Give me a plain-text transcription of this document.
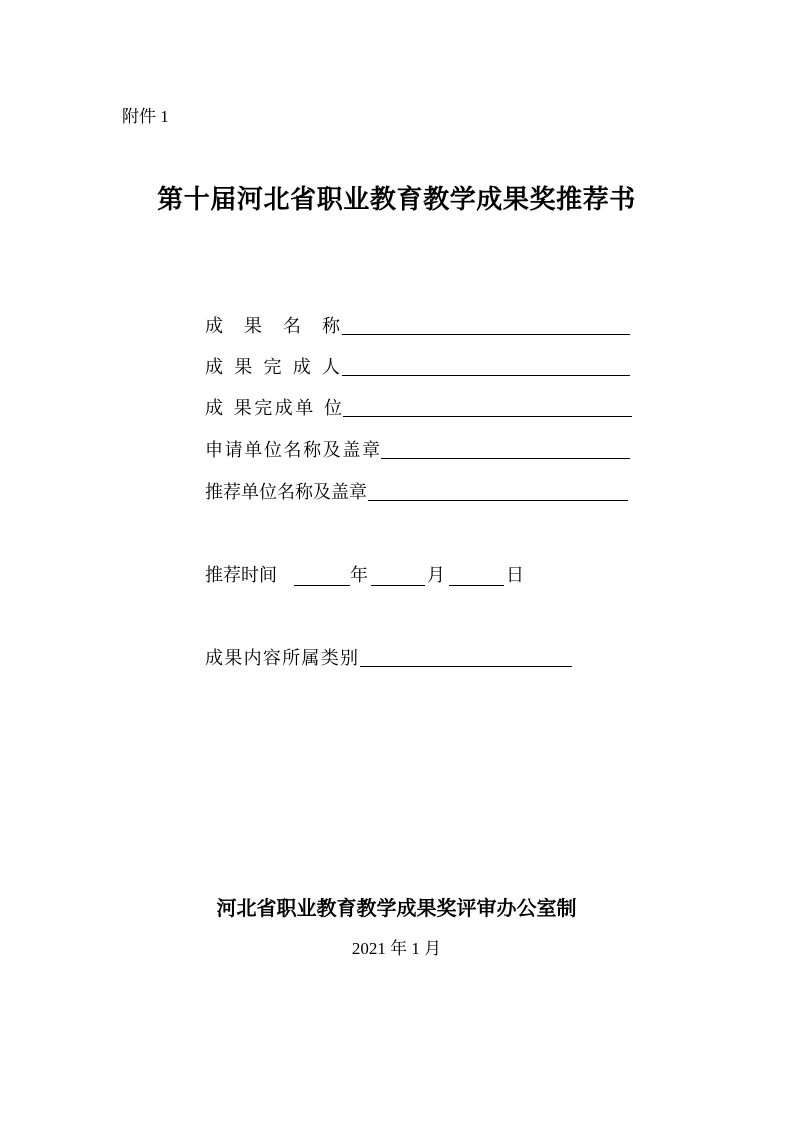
附件 1
第十届河北省职业教育教学成果奖推荐书
成 果 名 称
成 果 完 成 人
成 果完成单 位
申请单位名称及盖章
推荐单位名称及盖章
推荐时间	年	月	日
成果内容所属类别
河北省职业教育教学成果奖评审办公室制
2021 年 1 月
